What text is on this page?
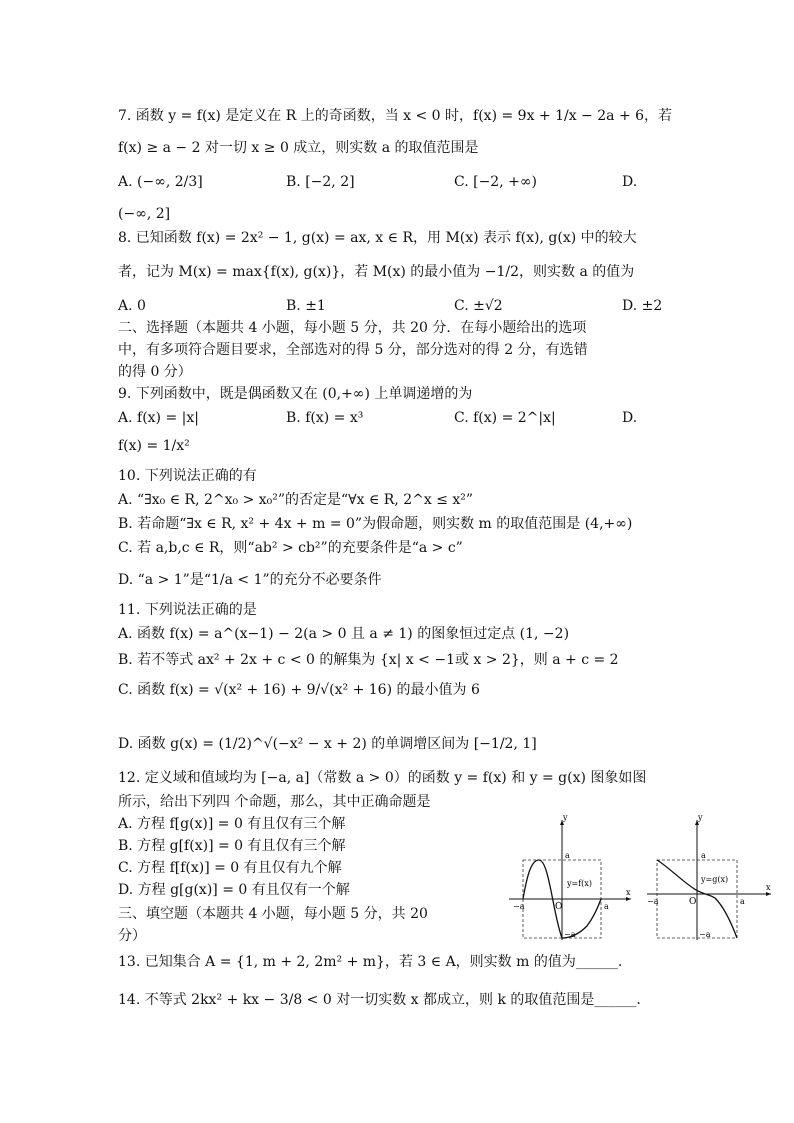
7. 函数 y = f(x) 是定义在 R 上的奇函数，当 x < 0 时，f(x) = 9x + 1/x − 2a + 6，若
f(x) ≥ a − 2 对一切 x ≥ 0 成立，则实数 a 的取值范围是
A. (−∞, 2/3]	B. [−2, 2]	C. [−2, +∞)	D.
(−∞, 2]
8. 已知函数 f(x) = 2x² − 1, g(x) = ax, x ∈ R，用 M(x) 表示 f(x), g(x) 中的较大
者，记为 M(x) = max{f(x), g(x)}，若 M(x) 的最小值为 −1/2，则实数 a 的值为
A. 0	B. ±1	C. ±√2	D. ±2
二、选择题（本题共 4 小题，每小题 5 分，共 20 分．在每小题给出的选项
中，有多项符合题目要求，全部选对的得 5 分，部分选对的得 2 分，有选错
的得 0 分）
9. 下列函数中，既是偶函数又在 (0,+∞) 上单调递增的为
A. f(x) = |x|	B. f(x) = x³	C. f(x) = 2^|x|	D.
f(x) = 1/x²
10. 下列说法正确的有
A. “∃x₀ ∈ R, 2^x₀ > x₀²”的否定是“∀x ∈ R, 2^x ≤ x²”
B. 若命题“∃x ∈ R, x² + 4x + m = 0”为假命题，则实数 m 的取值范围是 (4,+∞)
C. 若 a,b,c ∈ R，则“ab² > cb²”的充要条件是“a > c”
D. “a > 1”是“1/a < 1”的充分不必要条件
11. 下列说法正确的是
A. 函数 f(x) = a^(x−1) − 2(a > 0 且 a ≠ 1) 的图象恒过定点 (1, −2)
B. 若不等式 ax² + 2x + c < 0 的解集为 {x| x < −1或 x > 2}，则 a + c = 2
C. 函数 f(x) = √(x² + 16) + 9/√(x² + 16) 的最小值为 6
D. 函数 g(x) = (1/2)^√(−x² − x + 2) 的单调增区间为 [−1/2, 1]
12. 定义域和值域均为 [−a, a]（常数 a > 0）的函数 y = f(x) 和 y = g(x) 图象如图
所示，给出下列四 个命题，那么，其中正确命题是
A. 方程 f[g(x)] = 0 有且仅有三个解
B. 方程 g[f(x)] = 0 有且仅有三个解
C. 方程 f[f(x)] = 0 有且仅有九个解
D. 方程 g[g(x)] = 0 有且仅有一个解
三、填空题（本题共 4 小题，每小题 5 分，共 20
分）
13. 已知集合 A = {1, m + 2, 2m² + m}，若 3 ∈ A，则实数 m 的值为______.
14. 不等式 2kx² + kx − 3/8 < 0 对一切实数 x 都成立，则 k 的取值范围是______.
y
x
a
−a
−a	a
O
y=f(x)
y
x
a
−a
−a	a
O
y=g(x)
